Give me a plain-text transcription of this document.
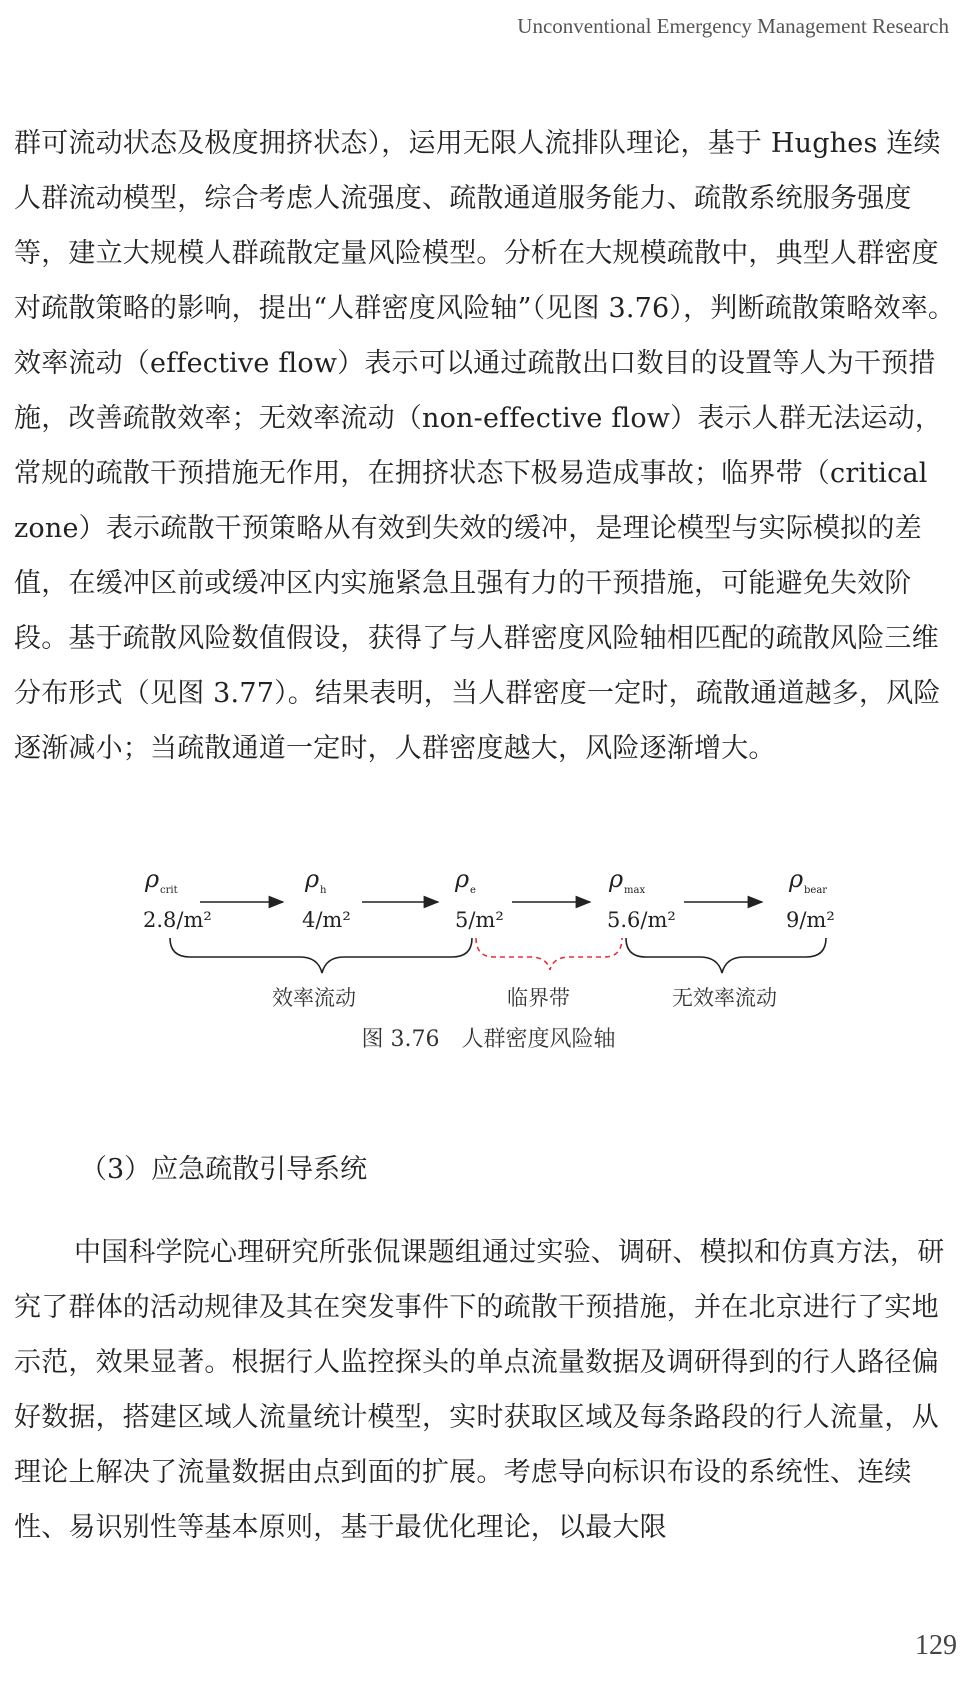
Unconventional Emergency Management Research

群可流动状态及极度拥挤状态），运用无限人流排队理论，基于 Hughes 连续人群流动模型，综合考虑人流强度、疏散通道服务能力、疏散系统服务强度等，建立大规模人群疏散定量风险模型。分析在大规模疏散中，典型人群密度对疏散策略的影响，提出“人群密度风险轴”（见图 3.76），判断疏散策略效率。效率流动（effective flow）表示可以通过疏散出口数目的设置等人为干预措施，改善疏散效率；无效率流动（non-effective flow）表示人群无法运动，常规的疏散干预措施无作用，在拥挤状态下极易造成事故；临界带（critical zone）表示疏散干预策略从有效到失效的缓冲，是理论模型与实际模拟的差值，在缓冲区前或缓冲区内实施紧急且强有力的干预措施，可能避免失效阶段。基于疏散风险数值假设，获得了与人群密度风险轴相匹配的疏散风险三维分布形式（见图 3.77）。结果表明，当人群密度一定时，疏散通道越多，风险逐渐减小；当疏散通道一定时，人群密度越大，风险逐渐增大。

ρ crit	ρ h	ρ e	ρ max	ρ bear
2.8/m²	4/m²	5/m²	5.6/m²	9/m²
效率流动	临界带	无效率流动
图 3.76　人群密度风险轴
（3）应急疏散引导系统

中国科学院心理研究所张侃课题组通过实验、调研、模拟和仿真方法，研究了群体的活动规律及其在突发事件下的疏散干预措施，并在北京进行了实地示范，效果显著。根据行人监控探头的单点流量数据及调研得到的行人路径偏好数据，搭建区域人流量统计模型，实时获取区域及每条路段的行人流量，从理论上解决了流量数据由点到面的扩展。考虑导向标识布设的系统性、连续性、易识别性等基本原则，基于最优化理论，以最大限

129
